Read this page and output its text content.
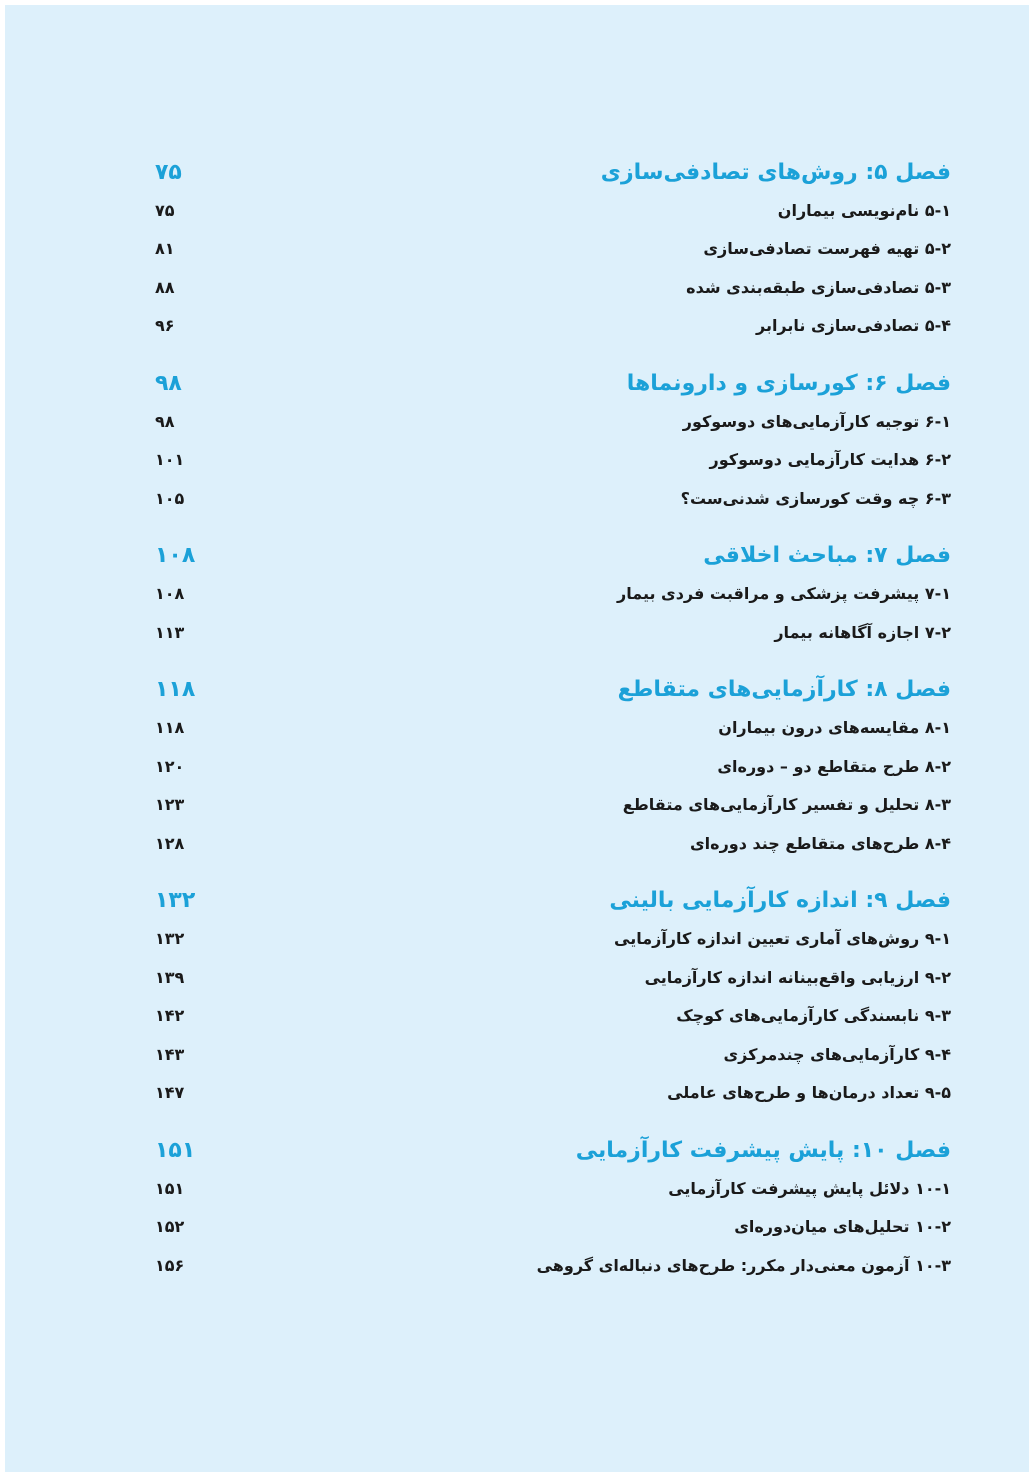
۷۵	فصل ۵: روش‌های تصادفی‌سازی
۷۵	۵-۱ نام‌نویسی بیماران
۸۱	۵-۲ تهیه فهرست تصادفی‌سازی
۸۸	۵-۳ تصادفی‌سازی طبقه‌بندی شده
۹۶	۵-۴ تصادفی‌سازی نابرابر
۹۸	فصل ۶: کورسازی و دارونماها
۹۸	۶-۱ توجیه کارآزمایی‌های دوسوکور
۱۰۱	۶-۲ هدایت کارآزمایی دوسوکور
۱۰۵	۶-۳ چه وقت کورسازی شدنی‌ست؟
۱۰۸	فصل ۷: مباحث اخلاقی
۱۰۸	۷-۱ پیشرفت پزشکی و مراقبت فردی بیمار
۱۱۳	۷-۲ اجازه آگاهانه بیمار
۱۱۸	فصل ۸: کارآزمایی‌های متقاطع
۱۱۸	۸-۱ مقایسه‌های درون بیماران
۱۲۰	۸-۲ طرح متقاطع دو – دوره‌ای
۱۲۳	۸-۳ تحلیل و تفسیر کارآزمایی‌های متقاطع
۱۲۸	۸-۴ طرح‌های متقاطع چند دوره‌ای
۱۳۲	فصل ۹: اندازه کارآزمایی بالینی
۱۳۲	۹-۱ روش‌های آماری تعیین اندازه کارآزمایی
۱۳۹	۹-۲ ارزیابی واقع‌بینانه اندازه کارآزمایی
۱۴۲	۹-۳ نابسندگی کارآزمایی‌های کوچک
۱۴۳	۹-۴ کارآزمایی‌های چندمرکزی
۱۴۷	۹-۵ تعداد درمان‌ها و طرح‌های عاملی
۱۵۱	فصل ۱۰: پایش پیشرفت کارآزمایی
۱۵۱	۱۰-۱ دلائل پایش پیشرفت کارآزمایی
۱۵۲	۱۰-۲ تحلیل‌های میان‌دوره‌ای
۱۵۶	۱۰-۳ آزمون معنی‌دار مکرر: طرح‌های دنباله‌ای گروهی
